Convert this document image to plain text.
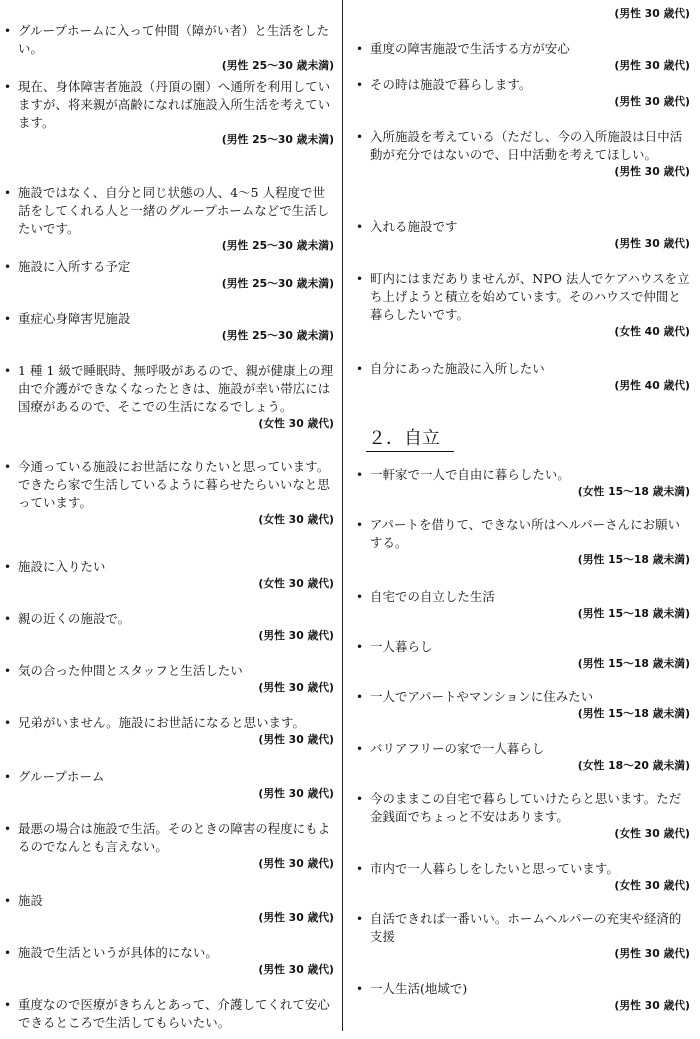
• グループホームに入って仲間（障がい者）と生活をしたい。
(男性 25〜30 歳未満)
• 現在、身体障害者施設（丹頂の園）へ通所を利用していますが、将来親が高齢になれば施設入所生活を考えています。
(男性 25〜30 歳未満)
• 施設ではなく、自分と同じ状態の人、4〜5 人程度で世話をしてくれる人と一緒のグループホームなどで生活したいです。
(男性 25〜30 歳未満)
• 施設に入所する予定
(男性 25〜30 歳未満)
• 重症心身障害児施設
(男性 25〜30 歳未満)
• 1 種 1 級で睡眠時、無呼吸があるので、親が健康上の理由で介護ができなくなったときは、施設が幸い帯広には国療があるので、そこでの生活になるでしょう。
(女性 30 歳代)
• 今通っている施設にお世話になりたいと思っています。できたら家で生活しているように暮らせたらいいなと思っています。
(女性 30 歳代)
• 施設に入りたい
(女性 30 歳代)
• 親の近くの施設で。
(男性 30 歳代)
• 気の合った仲間とスタッフと生活したい
(男性 30 歳代)
• 兄弟がいません。施設にお世話になると思います。
(男性 30 歳代)
• グループホーム
(男性 30 歳代)
• 最悪の場合は施設で生活。そのときの障害の程度にもよるのでなんとも言えない。
(男性 30 歳代)
• 施設
(男性 30 歳代)
• 施設で生活というが具体的にない。
(男性 30 歳代)
• 重度なので医療がきちんとあって、介護してくれて安心できるところで生活してもらいたい。
(男性 30 歳代)
• 重度の障害施設で生活する方が安心
(男性 30 歳代)
• その時は施設で暮らします。
(男性 30 歳代)
• 入所施設を考えている（ただし、今の入所施設は日中活動が充分ではないので、日中活動を考えてほしい。
(男性 30 歳代)
• 入れる施設です
(男性 30 歳代)
• 町内にはまだありませんが、NPO 法人でケアハウスを立ち上げようと積立を始めています。そのハウスで仲間と暮らしたいです。
(女性 40 歳代)
• 自分にあった施設に入所したい
(男性 40 歳代)
２．自立
• 一軒家で一人で自由に暮らしたい。
(女性 15〜18 歳未満)
• アパートを借りて、できない所はヘルパーさんにお願いする。
(男性 15〜18 歳未満)
• 自宅での自立した生活
(男性 15〜18 歳未満)
• 一人暮らし
(男性 15〜18 歳未満)
• 一人でアパートやマンションに住みたい
(男性 15〜18 歳未満)
• バリアフリーの家で一人暮らし
(女性 18〜20 歳未満)
• 今のままこの自宅で暮らしていけたらと思います。ただ金銭面でちょっと不安はあります。
(女性 30 歳代)
• 市内で一人暮らしをしたいと思っています。
(女性 30 歳代)
• 自活できれば一番いい。ホームヘルパーの充実や経済的支援
(男性 30 歳代)
• 一人生活(地域で)
(男性 30 歳代)
